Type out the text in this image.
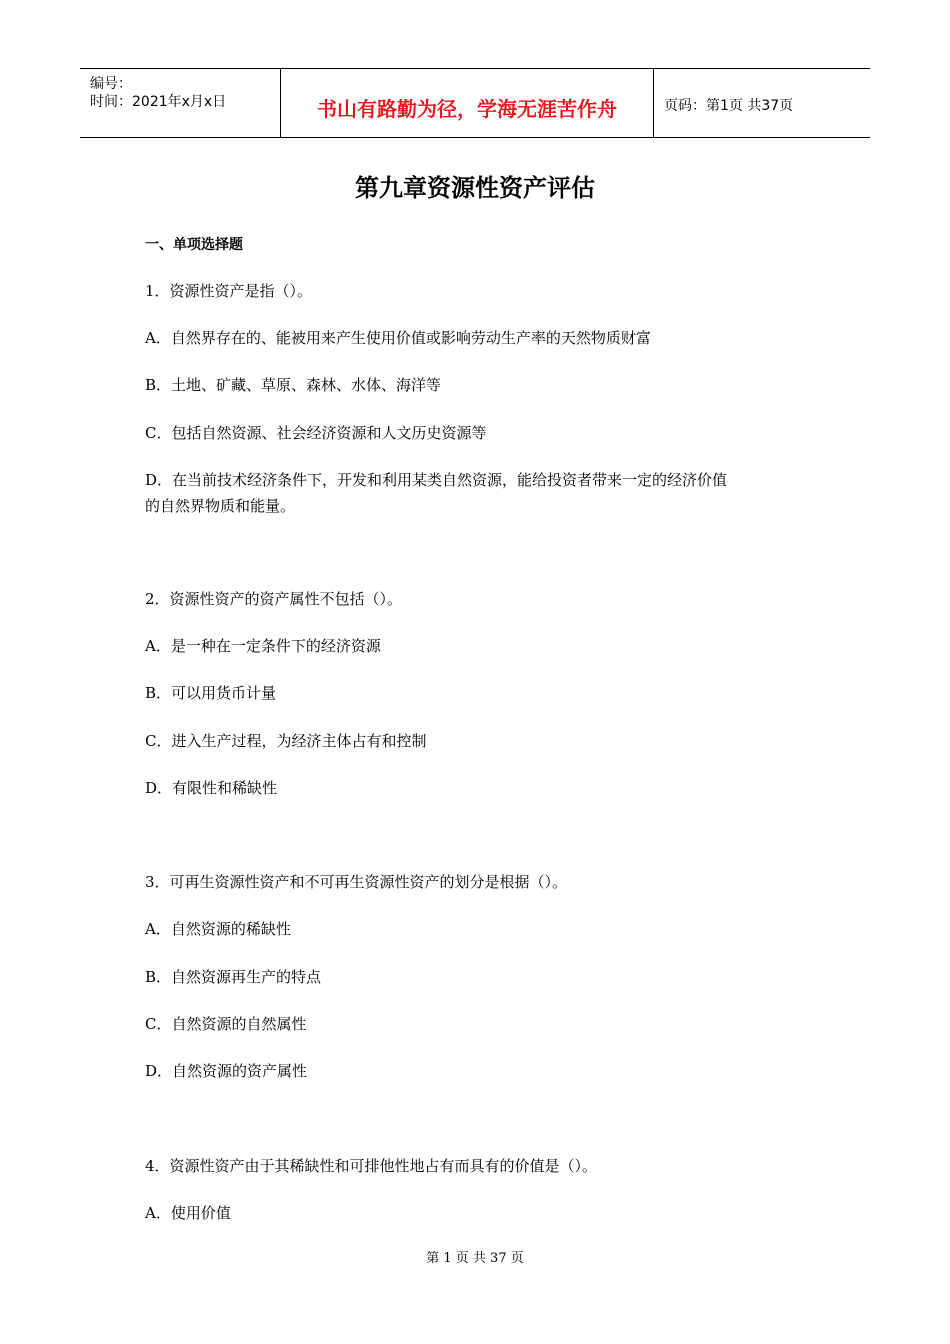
编号：
时间：2021年x月x日	书山有路勤为径，学海无涯苦作舟	页码：第1页 共37页
第九章资源性资产评估
一、单项选择题
1．资源性资产是指（）。
A．自然界存在的、能被用来产生使用价值或影响劳动生产率的天然物质财富
B．土地、矿藏、草原、森林、水体、海洋等
C．包括自然资源、社会经济资源和人文历史资源等
D．在当前技术经济条件下，开发和利用某类自然资源，能给投资者带来一定的经济价值
的自然界物质和能量。
2．资源性资产的资产属性不包括（）。
A．是一种在一定条件下的经济资源
B．可以用货币计量
C．进入生产过程，为经济主体占有和控制
D．有限性和稀缺性
3．可再生资源性资产和不可再生资源性资产的划分是根据（）。
A．自然资源的稀缺性
B．自然资源再生产的特点
C．自然资源的自然属性
D．自然资源的资产属性
4．资源性资产由于其稀缺性和可排他性地占有而具有的价值是（）。
A．使用价值
第 1 页 共 37 页
